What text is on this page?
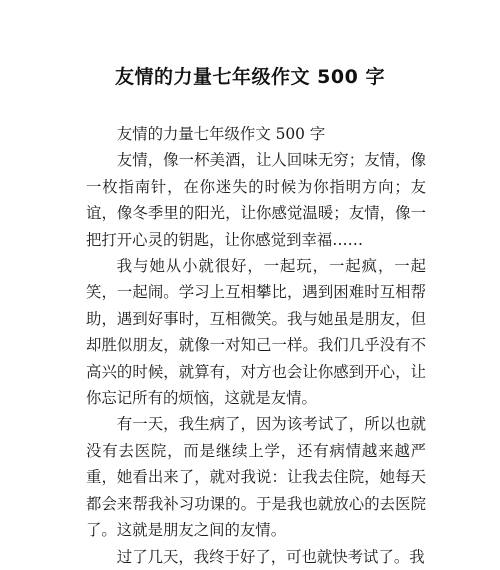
友情的力量七年级作文 500 字

友情的力量七年级作文 500 字

友情，像一杯美酒，让人回味无穷；友情，像一枚指南针，在你迷失的时候为你指明方向；友谊，像冬季里的阳光，让你感觉温暖；友情，像一把打开心灵的钥匙，让你感觉到幸福……

我与她从小就很好，一起玩，一起疯，一起笑，一起闹。学习上互相攀比，遇到困难时互相帮助，遇到好事时，互相微笑。我与她虽是朋友，但却胜似朋友，就像一对知己一样。我们几乎没有不高兴的时候，就算有，对方也会让你感到开心，让你忘记所有的烦恼，这就是友情。

有一天，我生病了，因为该考试了，所以也就没有去医院，而是继续上学，还有病情越来越严重，她看出来了，就对我说：让我去住院，她每天都会来帮我补习功课的。于是我也就放心的去医院了。这就是朋友之间的友情。

过了几天，我终于好了，可也就快考试了。我
